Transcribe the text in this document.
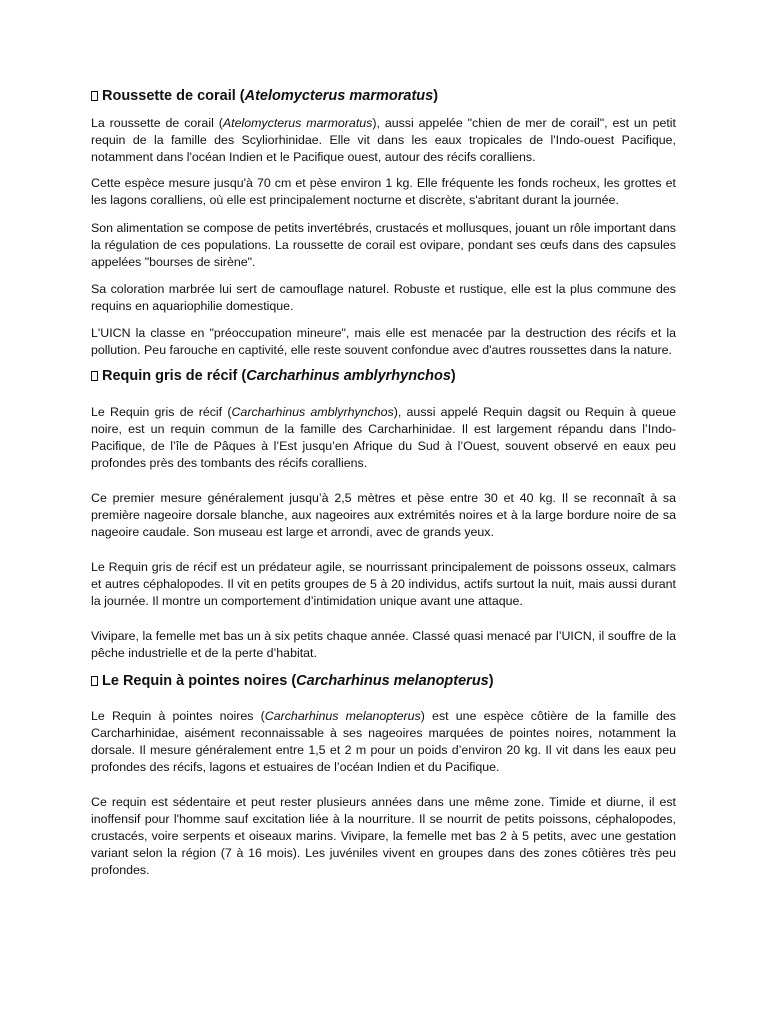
Roussette de corail (Atelomycterus marmoratus)

La roussette de corail (Atelomycterus marmoratus), aussi appelée "chien de mer de corail", est un petit requin de la famille des Scyliorhinidae. Elle vit dans les eaux tropicales de l'Indo-ouest Pacifique, notamment dans l'océan Indien et le Pacifique ouest, autour des récifs coralliens.

Cette espèce mesure jusqu'à 70 cm et pèse environ 1 kg. Elle fréquente les fonds rocheux, les grottes et les lagons coralliens, où elle est principalement nocturne et discrète, s'abritant durant la journée.

Son alimentation se compose de petits invertébrés, crustacés et mollusques, jouant un rôle important dans la régulation de ces populations. La roussette de corail est ovipare, pondant ses œufs dans des capsules appelées "bourses de sirène".

Sa coloration marbrée lui sert de camouflage naturel. Robuste et rustique, elle est la plus commune des requins en aquariophilie domestique.

L'UICN la classe en "préoccupation mineure", mais elle est menacée par la destruction des récifs et la pollution. Peu farouche en captivité, elle reste souvent confondue avec d'autres roussettes dans la nature.

Requin gris de récif (Carcharhinus amblyrhynchos)

Le Requin gris de récif (Carcharhinus amblyrhynchos), aussi appelé Requin dagsit ou Requin à queue noire, est un requin commun de la famille des Carcharhinidae. Il est largement répandu dans l’Indo-Pacifique, de l’île de Pâques à l’Est jusqu’en Afrique du Sud à l’Ouest, souvent observé en eaux peu profondes près des tombants des récifs coralliens.

Ce premier mesure généralement jusqu’à 2,5 mètres et pèse entre 30 et 40 kg. Il se reconnaît à sa première nageoire dorsale blanche, aux nageoires aux extrémités noires et à la large bordure noire de sa nageoire caudale. Son museau est large et arrondi, avec de grands yeux.

Le Requin gris de récif est un prédateur agile, se nourrissant principalement de poissons osseux, calmars et autres céphalopodes. Il vit en petits groupes de 5 à 20 individus, actifs surtout la nuit, mais aussi durant la journée. Il montre un comportement d’intimidation unique avant une attaque.

Vivipare, la femelle met bas un à six petits chaque année. Classé quasi menacé par l’UICN, il souffre de la pêche industrielle et de la perte d’habitat.

Le Requin à pointes noires (Carcharhinus melanopterus)

Le Requin à pointes noires (Carcharhinus melanopterus) est une espèce côtière de la famille des Carcharhinidae, aisément reconnaissable à ses nageoires marquées de pointes noires, notamment la dorsale. Il mesure généralement entre 1,5 et 2 m pour un poids d’environ 20 kg. Il vit dans les eaux peu profondes des récifs, lagons et estuaires de l’océan Indien et du Pacifique.

Ce requin est sédentaire et peut rester plusieurs années dans une même zone. Timide et diurne, il est inoffensif pour l'homme sauf excitation liée à la nourriture. Il se nourrit de petits poissons, céphalopodes, crustacés, voire serpents et oiseaux marins. Vivipare, la femelle met bas 2 à 5 petits, avec une gestation variant selon la région (7 à 16 mois). Les juvéniles vivent en groupes dans des zones côtières très peu profondes.
